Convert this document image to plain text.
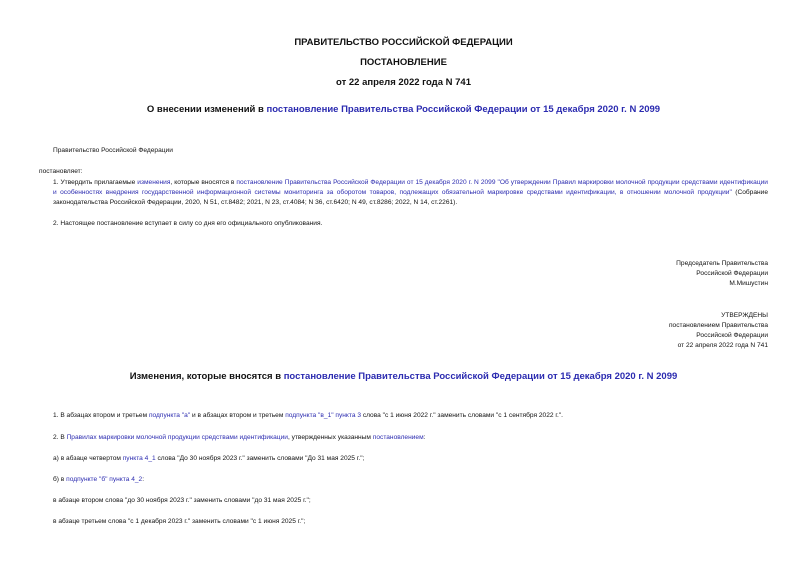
ПРАВИТЕЛЬСТВО РОССИЙСКОЙ ФЕДЕРАЦИИ
ПОСТАНОВЛЕНИЕ
от 22 апреля 2022 года N 741
О внесении изменений в постановление Правительства Российской Федерации от 15 декабря 2020 г. N 2099
Правительство Российской Федерации
постановляет:
1. Утвердить прилагаемые изменения, которые вносятся в постановление Правительства Российской Федерации от 15 декабря 2020 г. N 2099 "Об утверждении Правил маркировки молочной продукции средствами идентификации и особенностях внедрения государственной информационной системы мониторинга за оборотом товаров, подлежащих обязательной маркировке средствами идентификации, в отношении молочной продукции" (Собрание законодательства Российской Федерации, 2020, N 51, ст.8482; 2021, N 23, ст.4084; N 36, ст.6420; N 49, ст.8286; 2022, N 14, ст.2261).
2. Настоящее постановление вступает в силу со дня его официального опубликования.
Председатель Правительства
Российской Федерации
М.Мишустин
УТВЕРЖДЕНЫ
постановлением Правительства
Российской Федерации
от 22 апреля 2022 года N 741
Изменения, которые вносятся в постановление Правительства Российской Федерации от 15 декабря 2020 г. N 2099
1. В абзацах втором и третьем подпункта "а" и в абзацах втором и третьем подпункта "в_1" пункта 3 слова "с 1 июня 2022 г." заменить словами "с 1 сентября 2022 г.".
2. В Правилах маркировки молочной продукции средствами идентификации, утвержденных указанным постановлением:
а) в абзаце четвертом пункта 4_1 слова "До 30 ноября 2023 г." заменить словами "До 31 мая 2025 г.";
б) в подпункте "б" пункта 4_2:
в абзаце втором слова "до 30 ноября 2023 г." заменить словами "до 31 мая 2025 г.";
в абзаце третьем слова "с 1 декабря 2023 г." заменить словами "с 1 июня 2025 г.";
